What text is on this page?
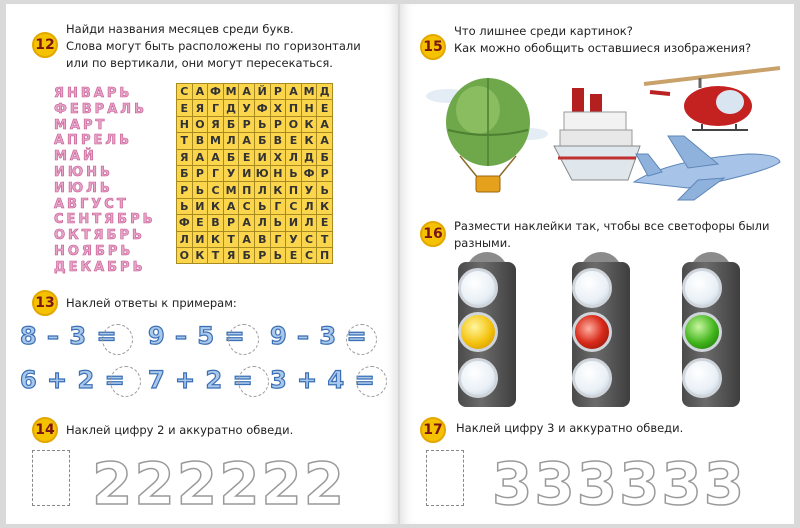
12
Найди названия месяцев среди букв.
Слова могут быть расположены по горизонтали
или по вертикали, они могут пересекаться.
ЯНВАРЬ
ФЕВРАЛЬ
МАРТ
АПРЕЛЬ
МАЙ
ИЮНЬ
ИЮЛЬ
АВГУСТ
СЕНТЯБРЬ
ОКТЯБРЬ
НОЯБРЬ
ДЕКАБРЬ
С	А	Ф	М	А	Й	Р	А	М	Д
Е	Я	Г	Д	У	Ф	Х	П	Н	Е
Н	О	Я	Б	Р	Ь	Р	О	К	А
Т	В	М	Л	А	Б	В	Е	К	А
Я	А	А	Б	Е	И	Х	Л	Д	Б
Б	Р	Г	У	И	Ю	Н	Ь	Ф	Р
Р	Ь	С	М	П	Л	К	П	У	Ь
Ь	И	К	А	С	Ь	Г	С	Л	К
Ф	Е	В	Р	А	Л	Ь	И	Л	Е
Л	И	К	Т	А	В	Г	У	С	Т
О	К	Т	Я	Б	Р	Ь	Е	С	П
13 Наклей ответы к примерам:
8 – 3 = 9 – 5 = 9 – 3 =
6 + 2 = 7 + 2 = 3 + 4 =
14 Наклей цифру 2 и аккуратно обведи.
222222
15
Что лишнее среди картинок?
Как можно обобщить оставшиеся изображения?
16 Размести наклейки так, чтобы все светофоры были
разными.
17 Наклей цифру 3 и аккуратно обведи.
333333
